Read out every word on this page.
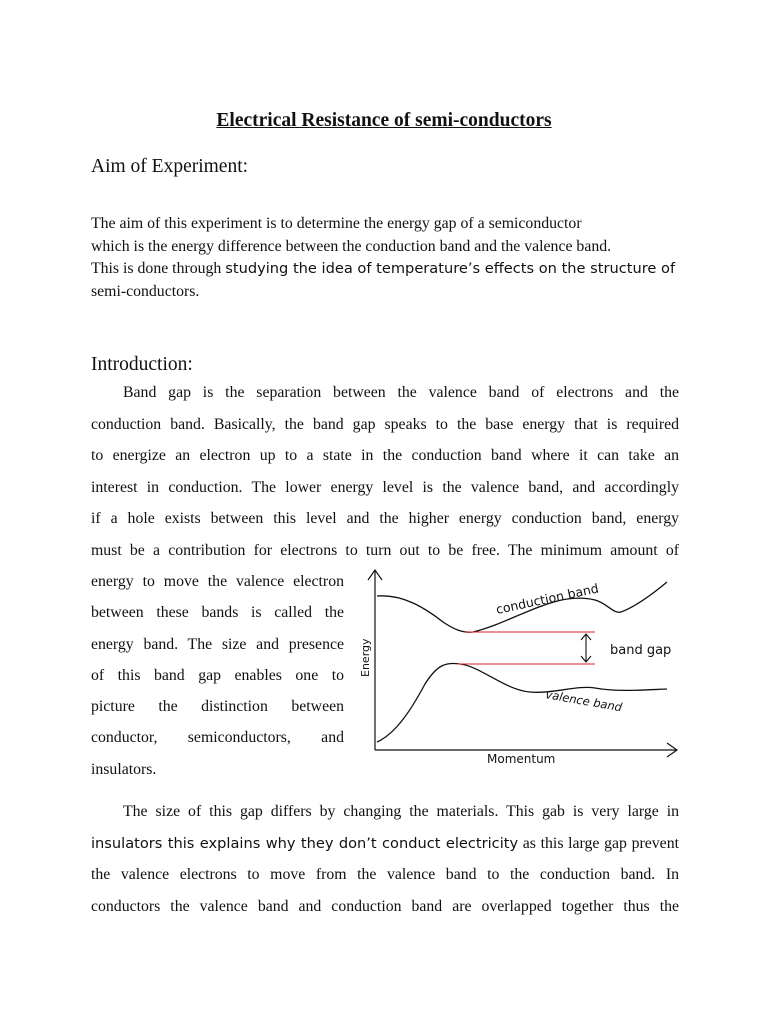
Electrical Resistance of semi-conductors
Aim of Experiment:

The aim of this experiment is to determine the energy gap of a semiconductor
which is the energy difference between the conduction band and the valence band.
This is done through studying the idea of temperature’s effects on the structure of
semi-conductors.

Introduction:

Band gap is the separation between the valence band of electrons and the
conduction band. Basically, the band gap speaks to the base energy that is required
to energize an electron up to a state in the conduction band where it can take an
interest in conduction. The lower energy level is the valence band, and accordingly
if a hole exists between this level and the higher energy conduction band, energy
must be a contribution for electrons to turn out to be free. The minimum amount of

energy to move the valence electron
between these bands is called the
energy band. The size and presence
of this band gap enables one to
picture the distinction between
conductor, semiconductors, and
insulators.

band gap
Energy
Momentum
conduction band
valence band

The size of this gap differs by changing the materials. This gab is very large in
insulators this explains why they don’t conduct electricity as this large gap prevent
the valence electrons to move from the valence band to the conduction band. In
conductors the valence band and conduction band are overlapped together thus the
